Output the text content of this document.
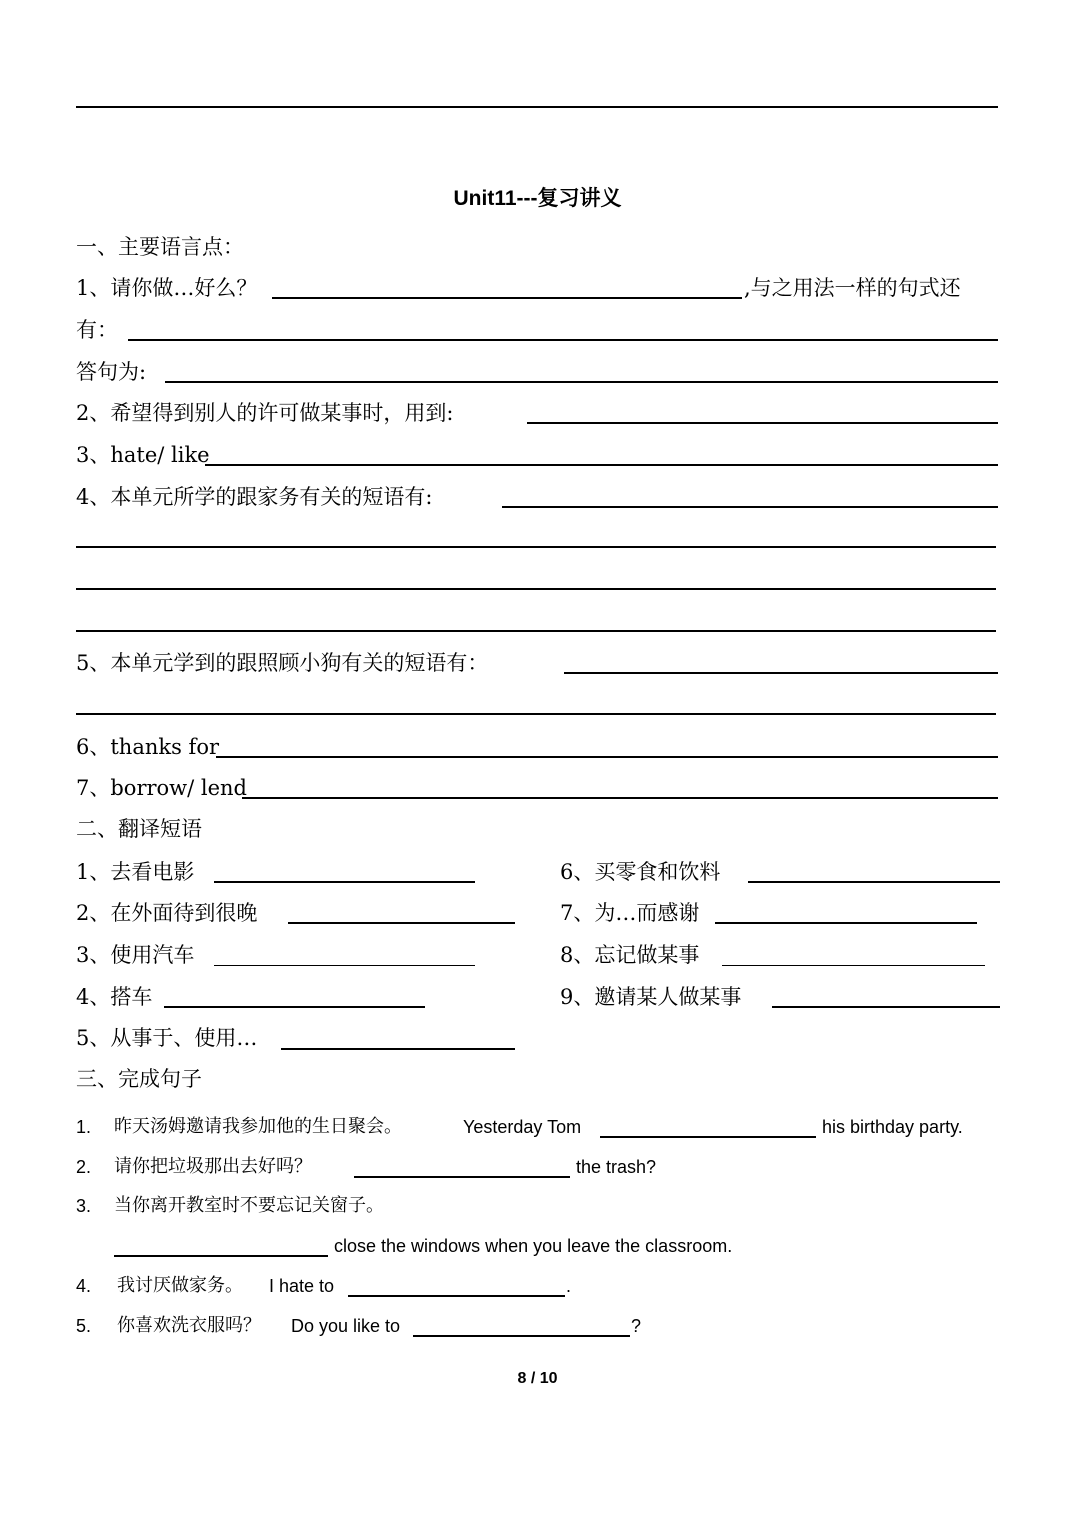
Unit11---复习讲义
一、主要语言点：
1、请你做…好么？	,与之用法一样的句式还
有：
答句为:
2、希望得到别人的许可做某事时，用到:
3、hate/ like
4、本单元所学的跟家务有关的短语有:
5、本单元学到的跟照顾小狗有关的短语有：
6、thanks for
7、borrow/ lend
二、翻译短语
1、去看电影
2、在外面待到很晚
3、使用汽车
4、搭车
5、从事于、使用…
6、买零食和饮料
7、为…而感谢
8、忘记做某事
9、邀请某人做某事
三、完成句子
1. 昨天汤姆邀请我参加他的生日聚会。	Yesterday Tom	his birthday party.
2. 请你把垃圾那出去好吗？	the trash?
3. 当你离开教室时不要忘记关窗子。
close the windows when you leave the classroom.
4. 我讨厌做家务。 I hate to	.
5. 你喜欢洗衣服吗？ Do you like to	?
8 / 10
